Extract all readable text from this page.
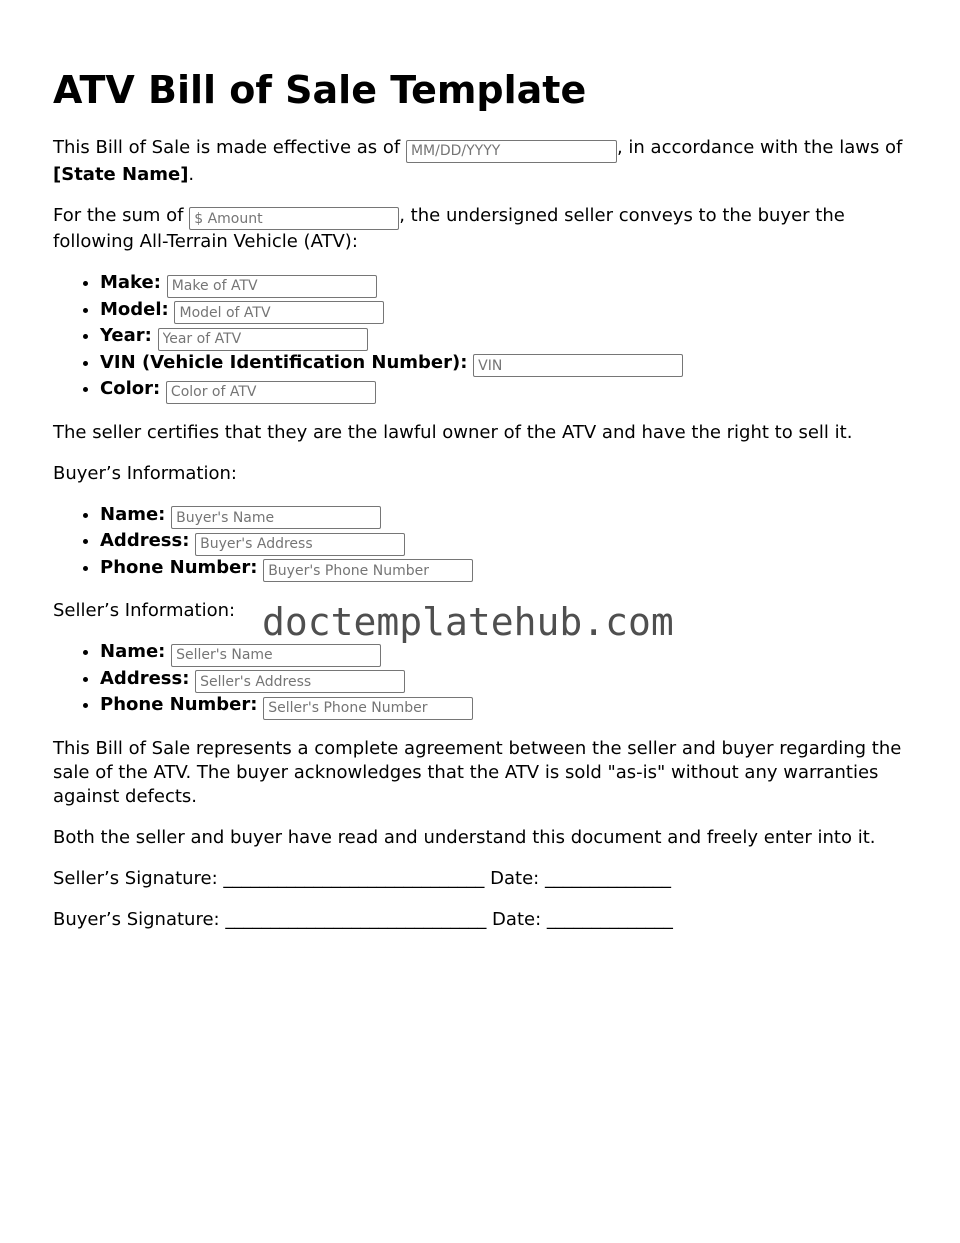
ATV Bill of Sale Template

This Bill of Sale is made effective as of MM/DD/YYYY	, in accordance with the laws of [State Name].

For the sum of $ Amount	, the undersigned seller conveys to the buyer the following All-Terrain Vehicle (ATV):

• Make: Make of ATV
• Model: Model of ATV
• Year: Year of ATV
• VIN (Vehicle Identification Number): VIN
• Color: Color of ATV

The seller certifies that they are the lawful owner of the ATV and have the right to sell it.

Buyer’s Information:

• Name: Buyer's Name
• Address: Buyer's Address
• Phone Number: Buyer's Phone Number

Seller’s Information:

• Name: Seller's Name
• Address: Seller's Address
• Phone Number: Seller's Phone Number

This Bill of Sale represents a complete agreement between the seller and buyer regarding the sale of the ATV. The buyer acknowledges that the ATV is sold "as-is" without any warranties against defects.

Both the seller and buyer have read and understand this document and freely enter into it.

Seller’s Signature: _____________________________ Date: ______________

Buyer’s Signature: _____________________________ Date: ______________

doctemplatehub.com
